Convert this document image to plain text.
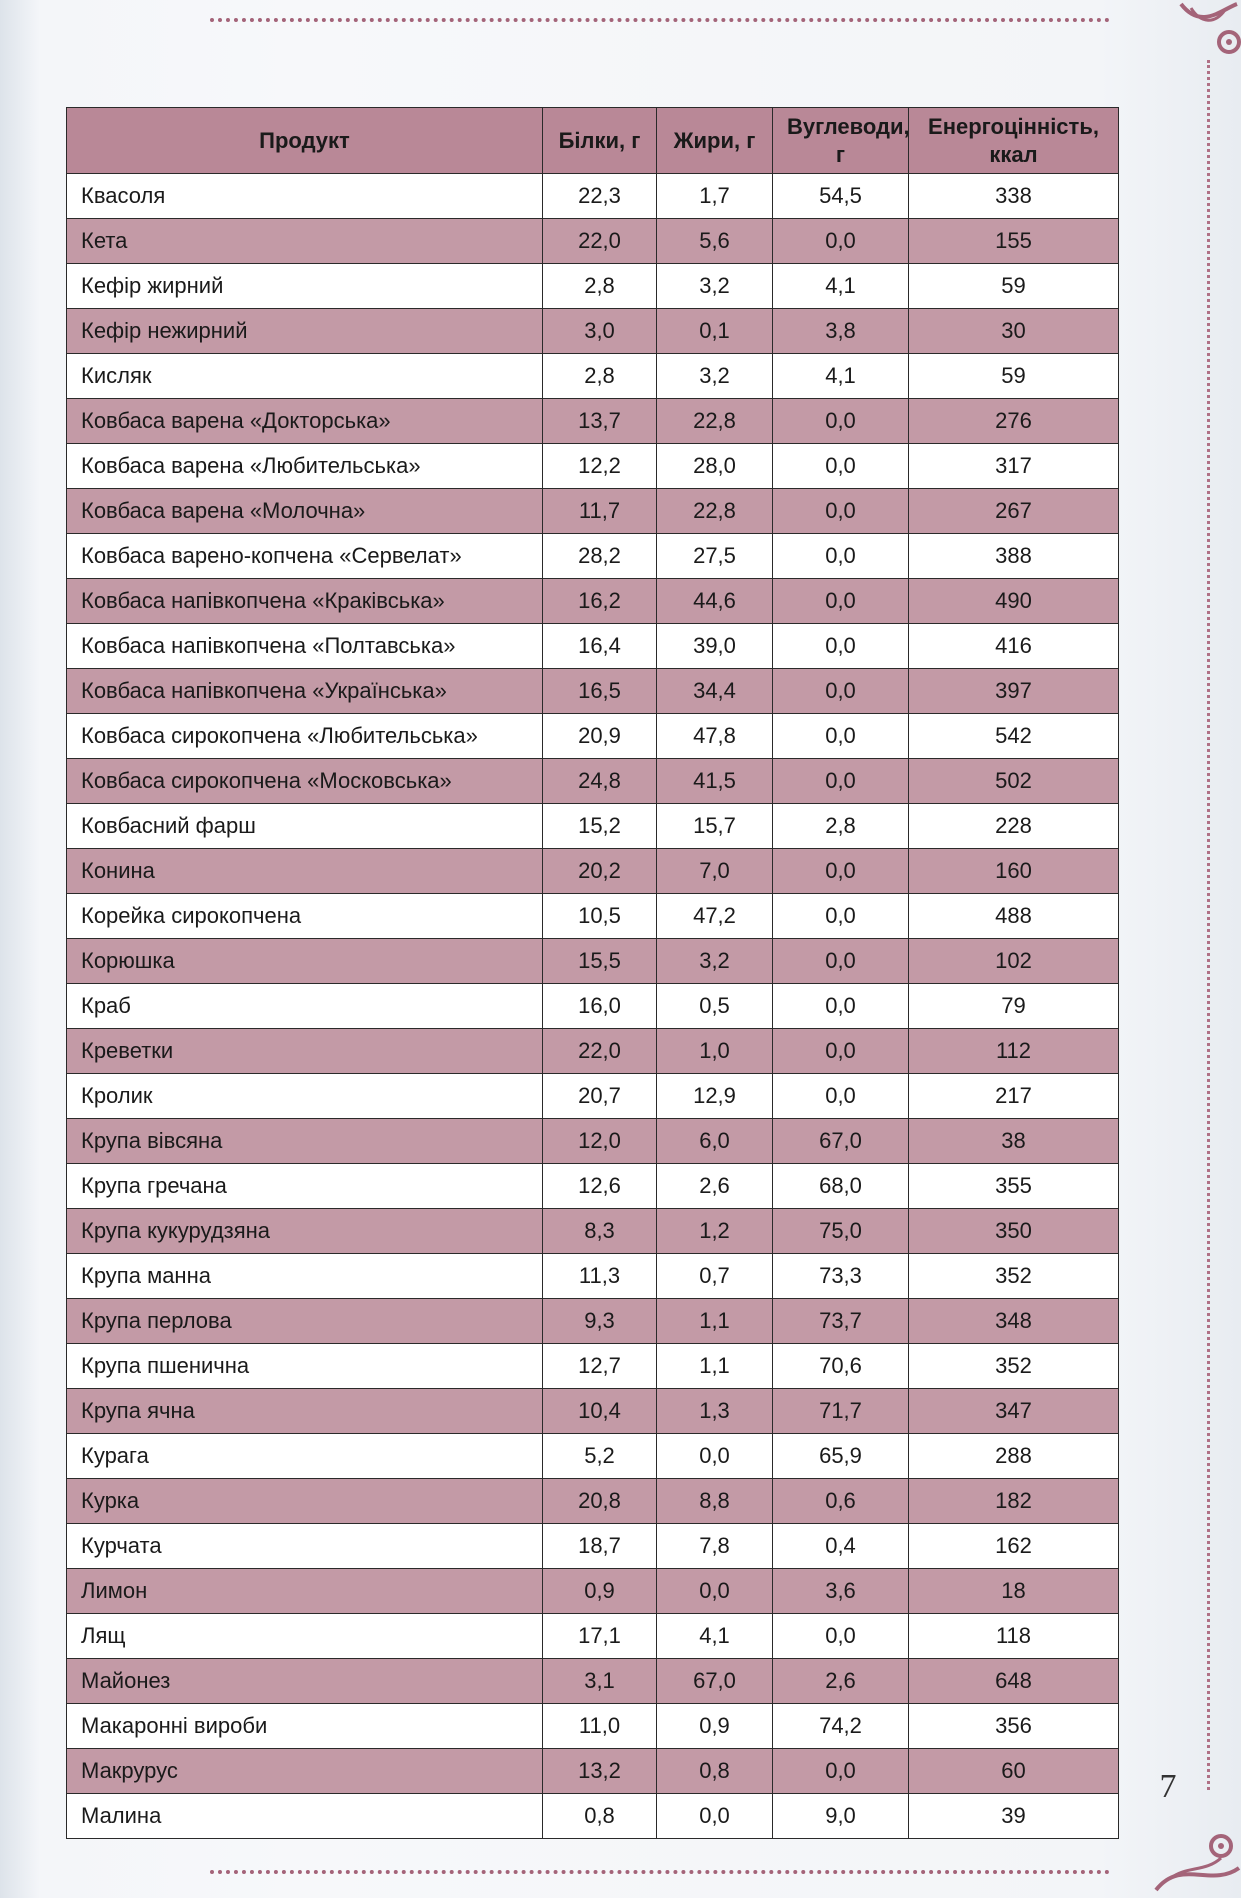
Продукт	Білки, г	Жири, г	Вуглеводи, г	Енергоцінність, ккал
Квасоля	22,3	1,7	54,5	338
Кета	22,0	5,6	0,0	155
Кефір жирний	2,8	3,2	4,1	59
Кефір нежирний	3,0	0,1	3,8	30
Кисляк	2,8	3,2	4,1	59
Ковбаса варена «Докторська»	13,7	22,8	0,0	276
Ковбаса варена «Любительська»	12,2	28,0	0,0	317
Ковбаса варена «Молочна»	11,7	22,8	0,0	267
Ковбаса варено-копчена «Сервелат»	28,2	27,5	0,0	388
Ковбаса напівкопчена «Краківська»	16,2	44,6	0,0	490
Ковбаса напівкопчена «Полтавська»	16,4	39,0	0,0	416
Ковбаса напівкопчена «Українська»	16,5	34,4	0,0	397
Ковбаса сирокопчена «Любительська»	20,9	47,8	0,0	542
Ковбаса сирокопчена «Московська»	24,8	41,5	0,0	502
Ковбасний фарш	15,2	15,7	2,8	228
Конина	20,2	7,0	0,0	160
Корейка сирокопчена	10,5	47,2	0,0	488
Корюшка	15,5	3,2	0,0	102
Краб	16,0	0,5	0,0	79
Креветки	22,0	1,0	0,0	112
Кролик	20,7	12,9	0,0	217
Крупа вівсяна	12,0	6,0	67,0	38
Крупа гречана	12,6	2,6	68,0	355
Крупа кукурудзяна	8,3	1,2	75,0	350
Крупа манна	11,3	0,7	73,3	352
Крупа перлова	9,3	1,1	73,7	348
Крупа пшенична	12,7	1,1	70,6	352
Крупа ячна	10,4	1,3	71,7	347
Курага	5,2	0,0	65,9	288
Курка	20,8	8,8	0,6	182
Курчата	18,7	7,8	0,4	162
Лимон	0,9	0,0	3,6	18
Лящ	17,1	4,1	0,0	118
Майонез	3,1	67,0	2,6	648
Макаронні вироби	11,0	0,9	74,2	356
Макрурус	13,2	0,8	0,0	60
Малина	0,8	0,0	9,0	39
7
